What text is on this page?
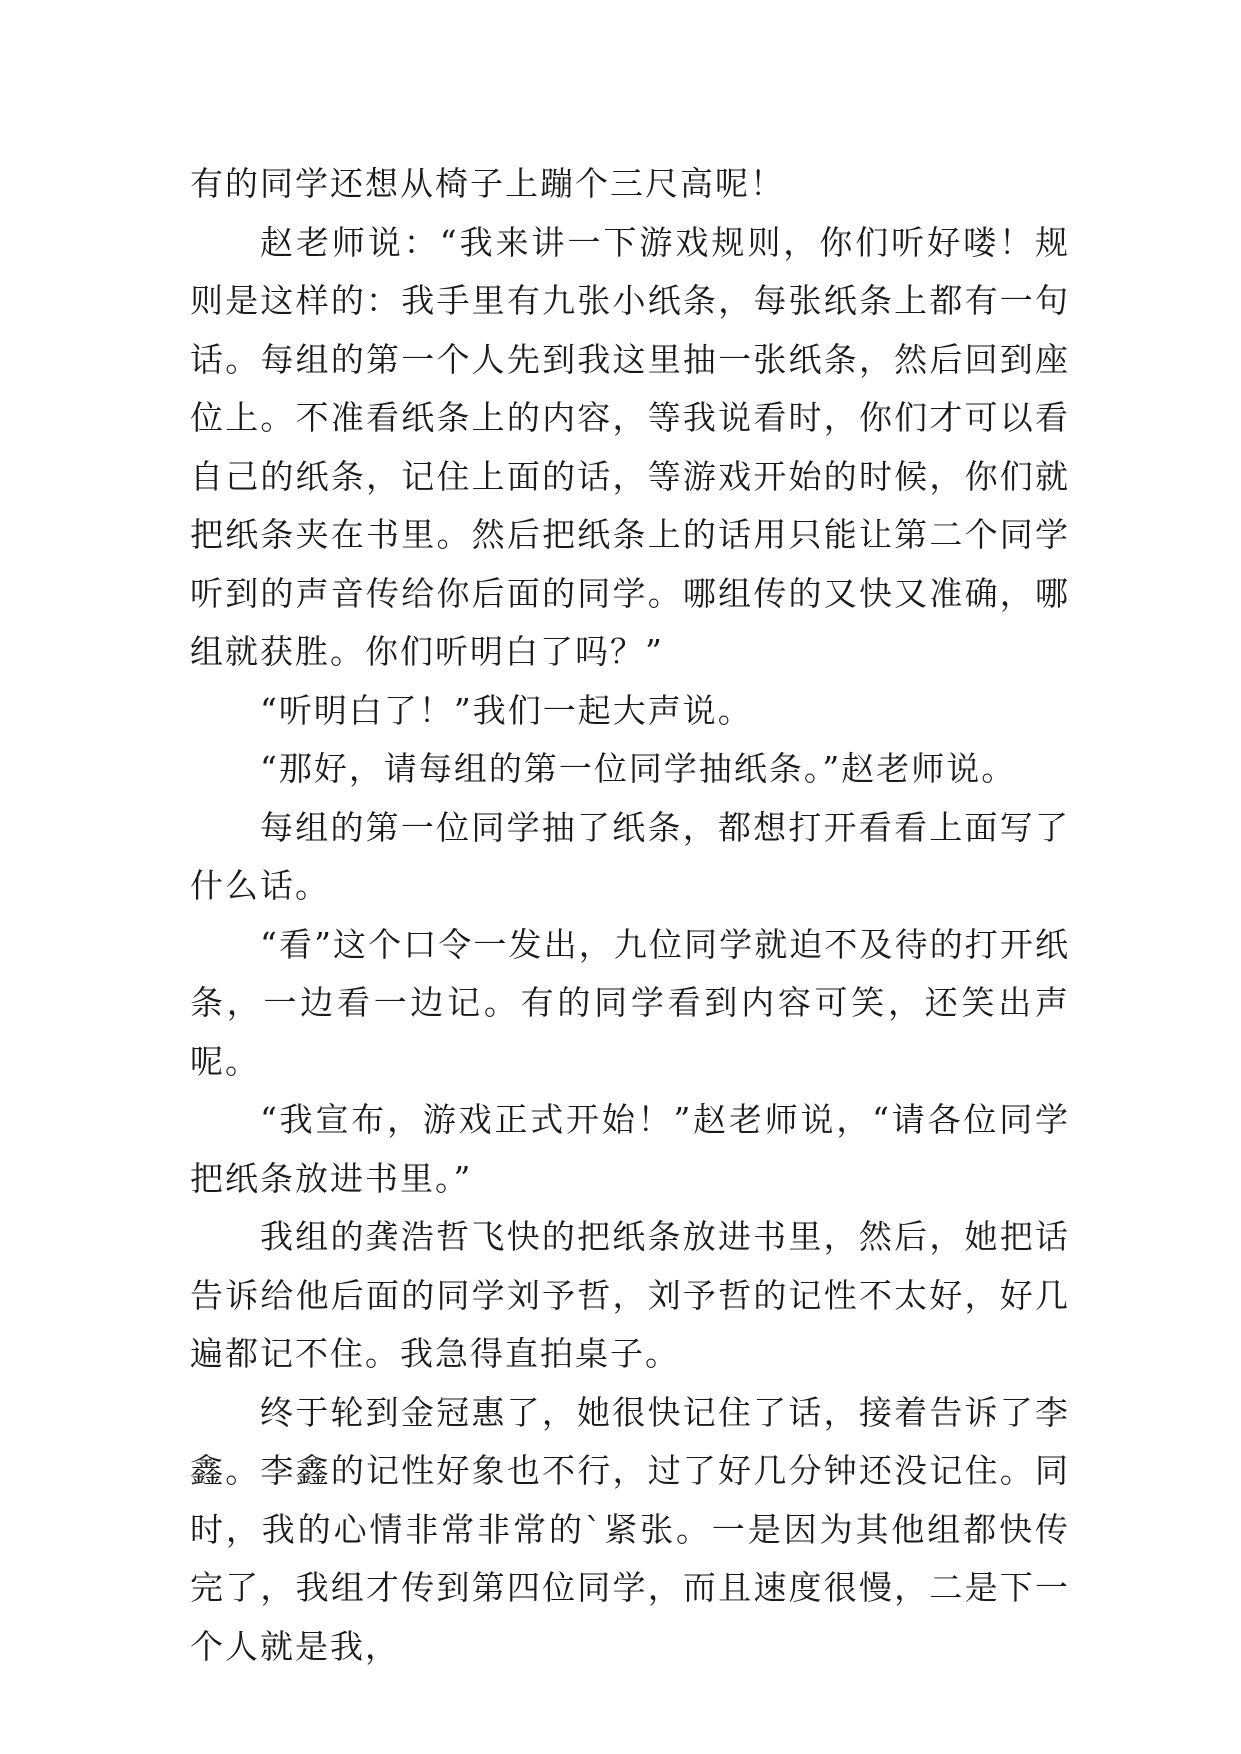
有的同学还想从椅子上蹦个三尺高呢！

赵老师说：“我来讲一下游戏规则，你们听好喽！规则是这样的：我手里有九张小纸条，每张纸条上都有一句话。每组的第一个人先到我这里抽一张纸条，然后回到座位上。不准看纸条上的内容，等我说看时，你们才可以看自己的纸条，记住上面的话，等游戏开始的时候，你们就把纸条夹在书里。然后把纸条上的话用只能让第二个同学听到的声音传给你后面的同学。哪组传的又快又准确，哪组就获胜。你们听明白了吗？”

“听明白了！”我们一起大声说。

“那好，请每组的第一位同学抽纸条。”赵老师说。

每组的第一位同学抽了纸条，都想打开看看上面写了什么话。

“看”这个口令一发出，九位同学就迫不及待的打开纸条，一边看一边记。有的同学看到内容可笑，还笑出声呢。

“我宣布，游戏正式开始！”赵老师说，“请各位同学把纸条放进书里。”

我组的龚浩哲飞快的把纸条放进书里，然后，她把话告诉给他后面的同学刘予哲，刘予哲的记性不太好，好几遍都记不住。我急得直拍桌子。

终于轮到金冠惠了，她很快记住了话，接着告诉了李鑫。李鑫的记性好象也不行，过了好几分钟还没记住。同时，我的心情非常非常的`紧张。一是因为其他组都快传完了，我组才传到第四位同学，而且速度很慢，二是下一个人就是我，
